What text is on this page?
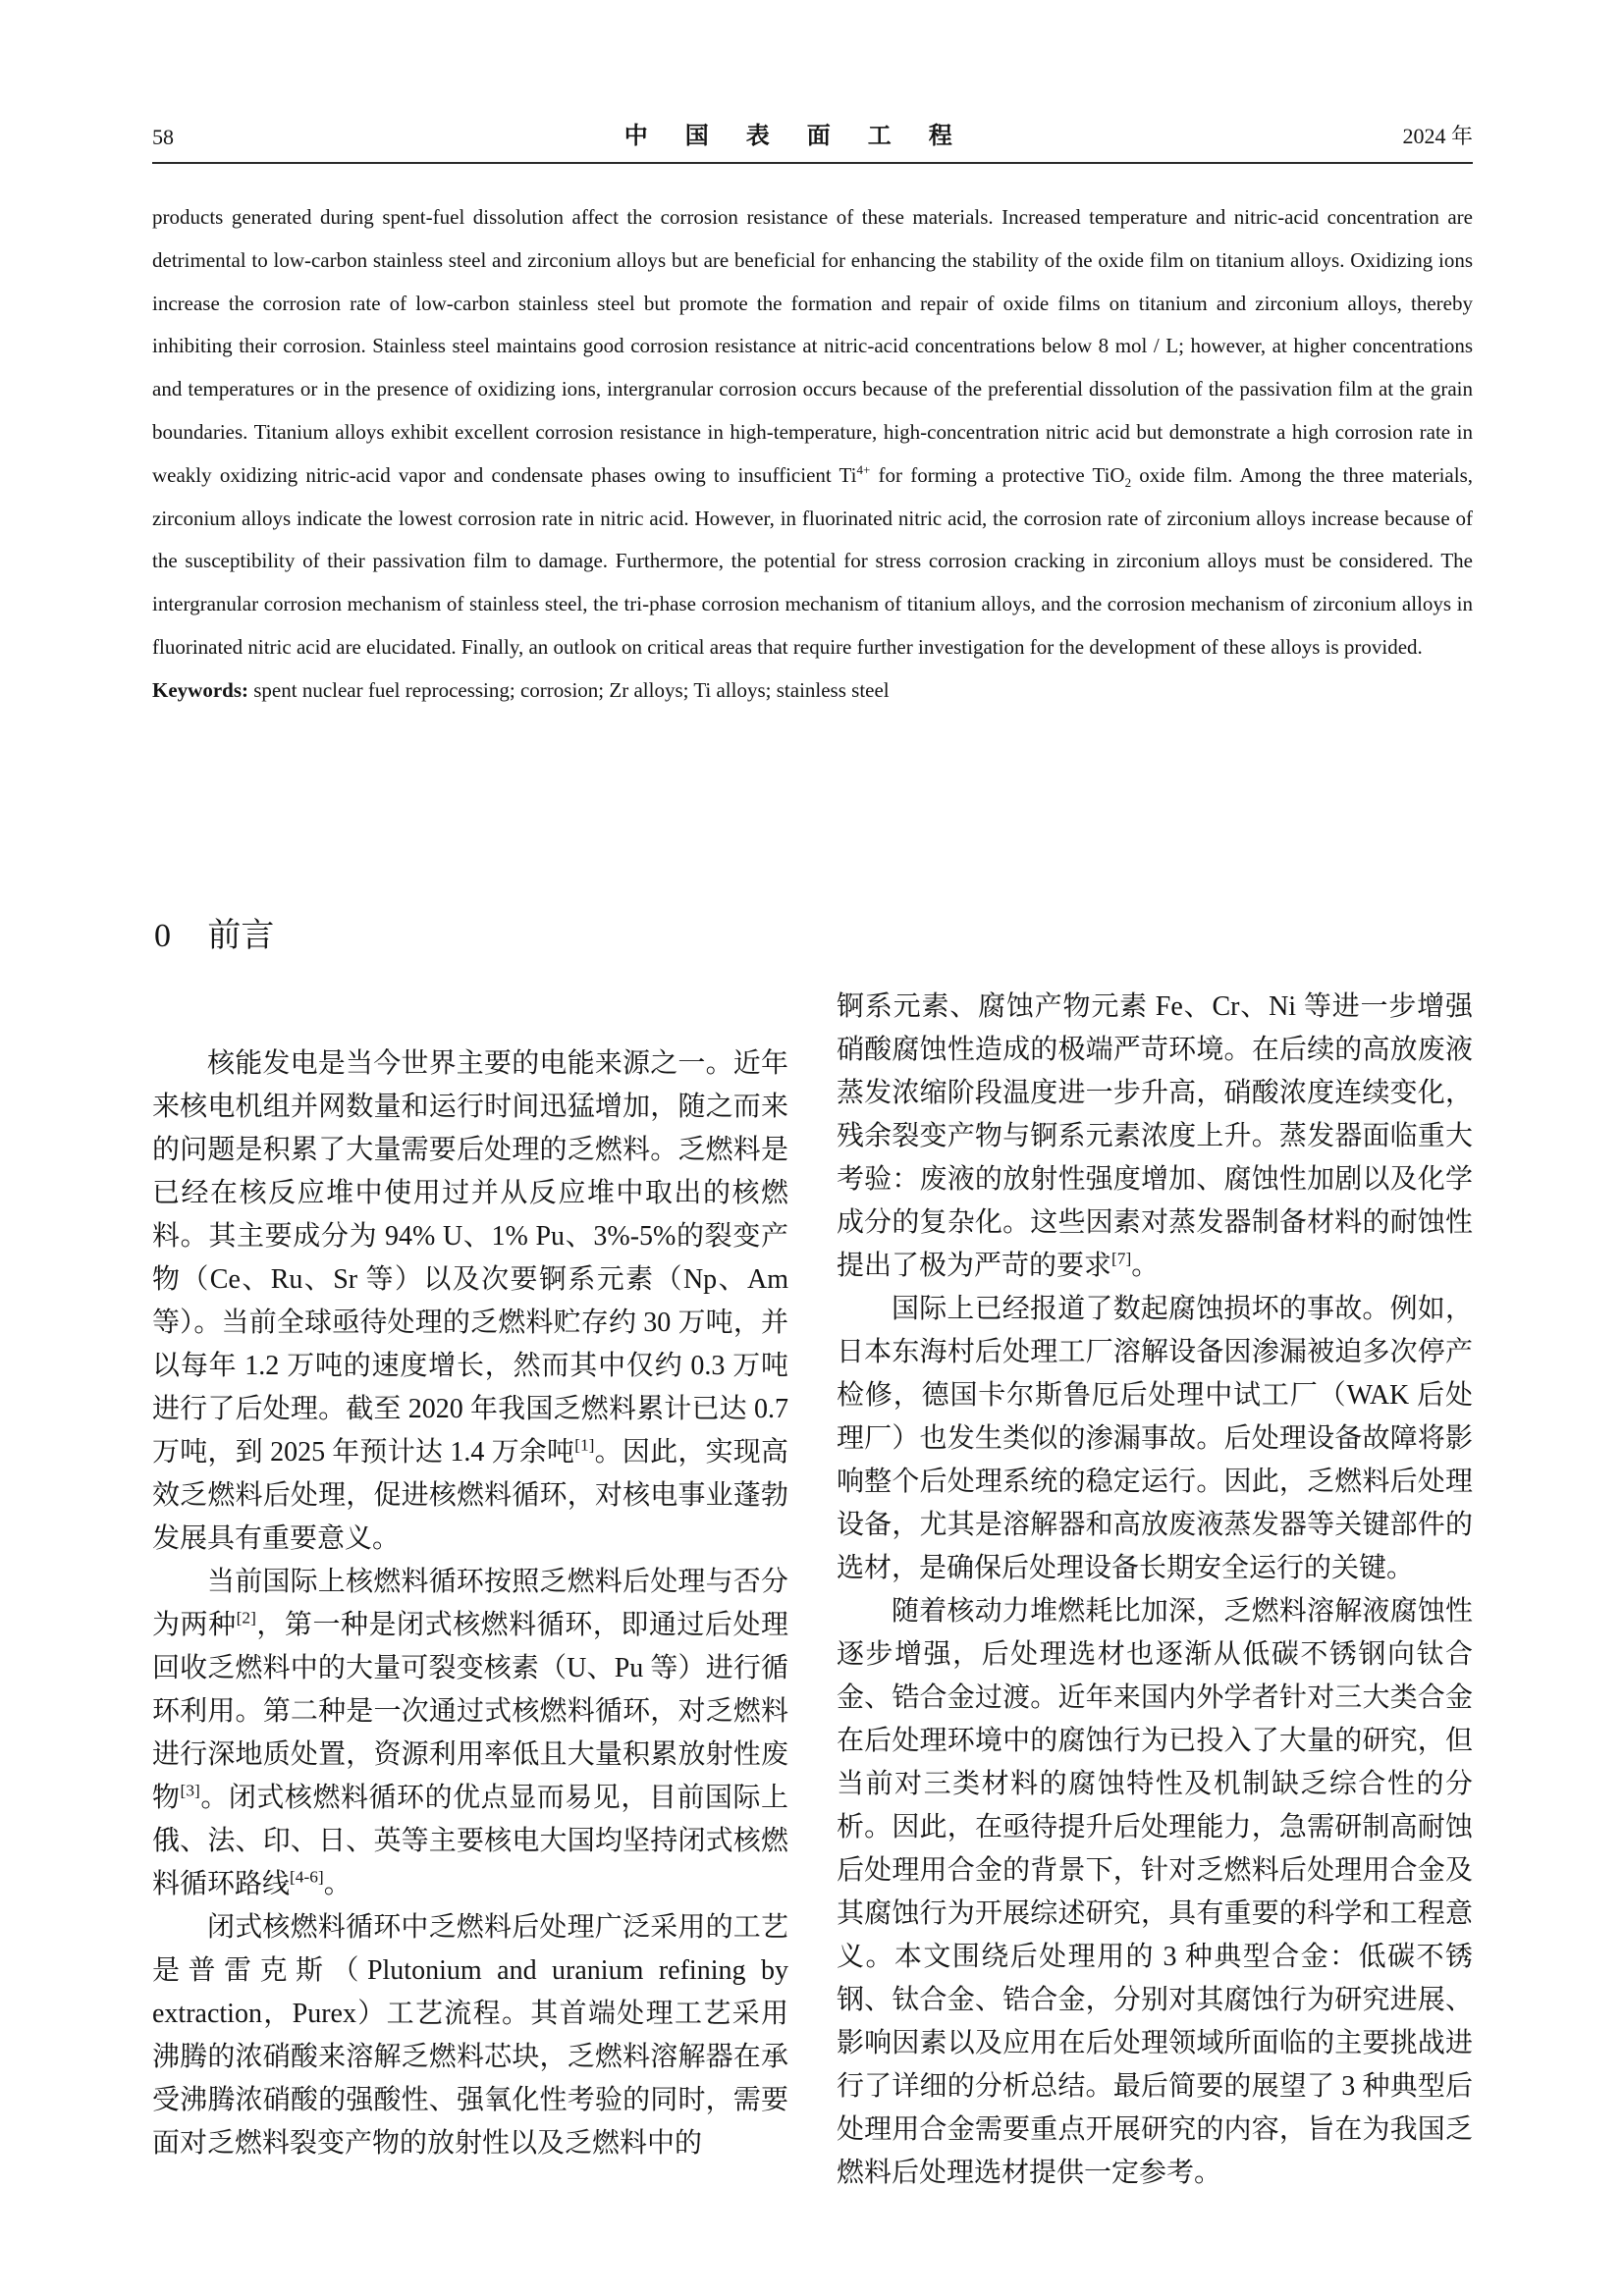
58	中 国 表 面 工 程	2024 年

products generated during spent-fuel dissolution affect the corrosion resistance of these materials. Increased temperature and nitric-acid concentration are detrimental to low-carbon stainless steel and zirconium alloys but are beneficial for enhancing the stability of the oxide film on titanium alloys. Oxidizing ions increase the corrosion rate of low-carbon stainless steel but promote the formation and repair of oxide films on titanium and zirconium alloys, thereby inhibiting their corrosion. Stainless steel maintains good corrosion resistance at nitric-acid concentrations below 8 mol / L; however, at higher concentrations and temperatures or in the presence of oxidizing ions, intergranular corrosion occurs because of the preferential dissolution of the passivation film at the grain boundaries. Titanium alloys exhibit excellent corrosion resistance in high-temperature, high-concentration nitric acid but demonstrate a high corrosion rate in weakly oxidizing nitric-acid vapor and condensate phases owing to insufficient $Ti^{4+}$ for forming a protective TiO$_2$ oxide film. Among the three materials, zirconium alloys indicate the lowest corrosion rate in nitric acid. However, in fluorinated nitric acid, the corrosion rate of zirconium alloys increase because of the susceptibility of their passivation film to damage. Furthermore, the potential for stress corrosion cracking in zirconium alloys must be considered. The intergranular corrosion mechanism of stainless steel, the tri-phase corrosion mechanism of titanium alloys, and the corrosion mechanism of zirconium alloys in fluorinated nitric acid are elucidated. Finally, an outlook on critical areas that require further investigation for the development of these alloys is provided.

Keywords: spent nuclear fuel reprocessing; corrosion; Zr alloys; Ti alloys; stainless steel

0 前言

核能发电是当今世界主要的电能来源之一。近年来核电机组并网数量和运行时间迅猛增加，随之而来的问题是积累了大量需要后处理的乏燃料。乏燃料是已经在核反应堆中使用过并从反应堆中取出的核燃料。其主要成分为 94% U、1% Pu、3%-5%的裂变产物（Ce、Ru、Sr 等）以及次要锕系元素（Np、Am 等）。当前全球亟待处理的乏燃料贮存约 30 万吨，并以每年 1.2 万吨的速度增长，然而其中仅约 0.3 万吨进行了后处理。截至 2020 年我国乏燃料累计已达 0.7 万吨，到 2025 年预计达 1.4 万余吨[1]。因此，实现高效乏燃料后处理，促进核燃料循环，对核电事业蓬勃发展具有重要意义。

当前国际上核燃料循环按照乏燃料后处理与否分为两种[2]，第一种是闭式核燃料循环，即通过后处理回收乏燃料中的大量可裂变核素（U、Pu 等）进行循环利用。第二种是一次通过式核燃料循环，对乏燃料进行深地质处置，资源利用率低且大量积累放射性废物[3]。闭式核燃料循环的优点显而易见，目前国际上俄、法、印、日、英等主要核电大国均坚持闭式核燃料循环路线[4-6]。

闭式核燃料循环中乏燃料后处理广泛采用的工艺是普雷克斯（Plutonium and uranium refining by extraction，Purex）工艺流程。其首端处理工艺采用沸腾的浓硝酸来溶解乏燃料芯块，乏燃料溶解器在承受沸腾浓硝酸的强酸性、强氧化性考验的同时，需要面对乏燃料裂变产物的放射性以及乏燃料中的

锕系元素、腐蚀产物元素 Fe、Cr、Ni 等进一步增强硝酸腐蚀性造成的极端严苛环境。在后续的高放废液蒸发浓缩阶段温度进一步升高，硝酸浓度连续变化，残余裂变产物与锕系元素浓度上升。蒸发器面临重大考验：废液的放射性强度增加、腐蚀性加剧以及化学成分的复杂化。这些因素对蒸发器制备材料的耐蚀性提出了极为严苛的要求[7]。

国际上已经报道了数起腐蚀损坏的事故。例如，日本东海村后处理工厂溶解设备因渗漏被迫多次停产检修，德国卡尔斯鲁厄后处理中试工厂（WAK 后处理厂）也发生类似的渗漏事故。后处理设备故障将影响整个后处理系统的稳定运行。因此，乏燃料后处理设备，尤其是溶解器和高放废液蒸发器等关键部件的选材，是确保后处理设备长期安全运行的关键。

随着核动力堆燃耗比加深，乏燃料溶解液腐蚀性逐步增强，后处理选材也逐渐从低碳不锈钢向钛合金、锆合金过渡。近年来国内外学者针对三大类合金在后处理环境中的腐蚀行为已投入了大量的研究，但当前对三类材料的腐蚀特性及机制缺乏综合性的分析。因此，在亟待提升后处理能力，急需研制高耐蚀后处理用合金的背景下，针对乏燃料后处理用合金及其腐蚀行为开展综述研究，具有重要的科学和工程意义。本文围绕后处理用的 3 种典型合金：低碳不锈钢、钛合金、锆合金，分别对其腐蚀行为研究进展、影响因素以及应用在后处理领域所面临的主要挑战进行了详细的分析总结。最后简要的展望了 3 种典型后处理用合金需要重点开展研究的内容，旨在为我国乏燃料后处理选材提供一定参考。
